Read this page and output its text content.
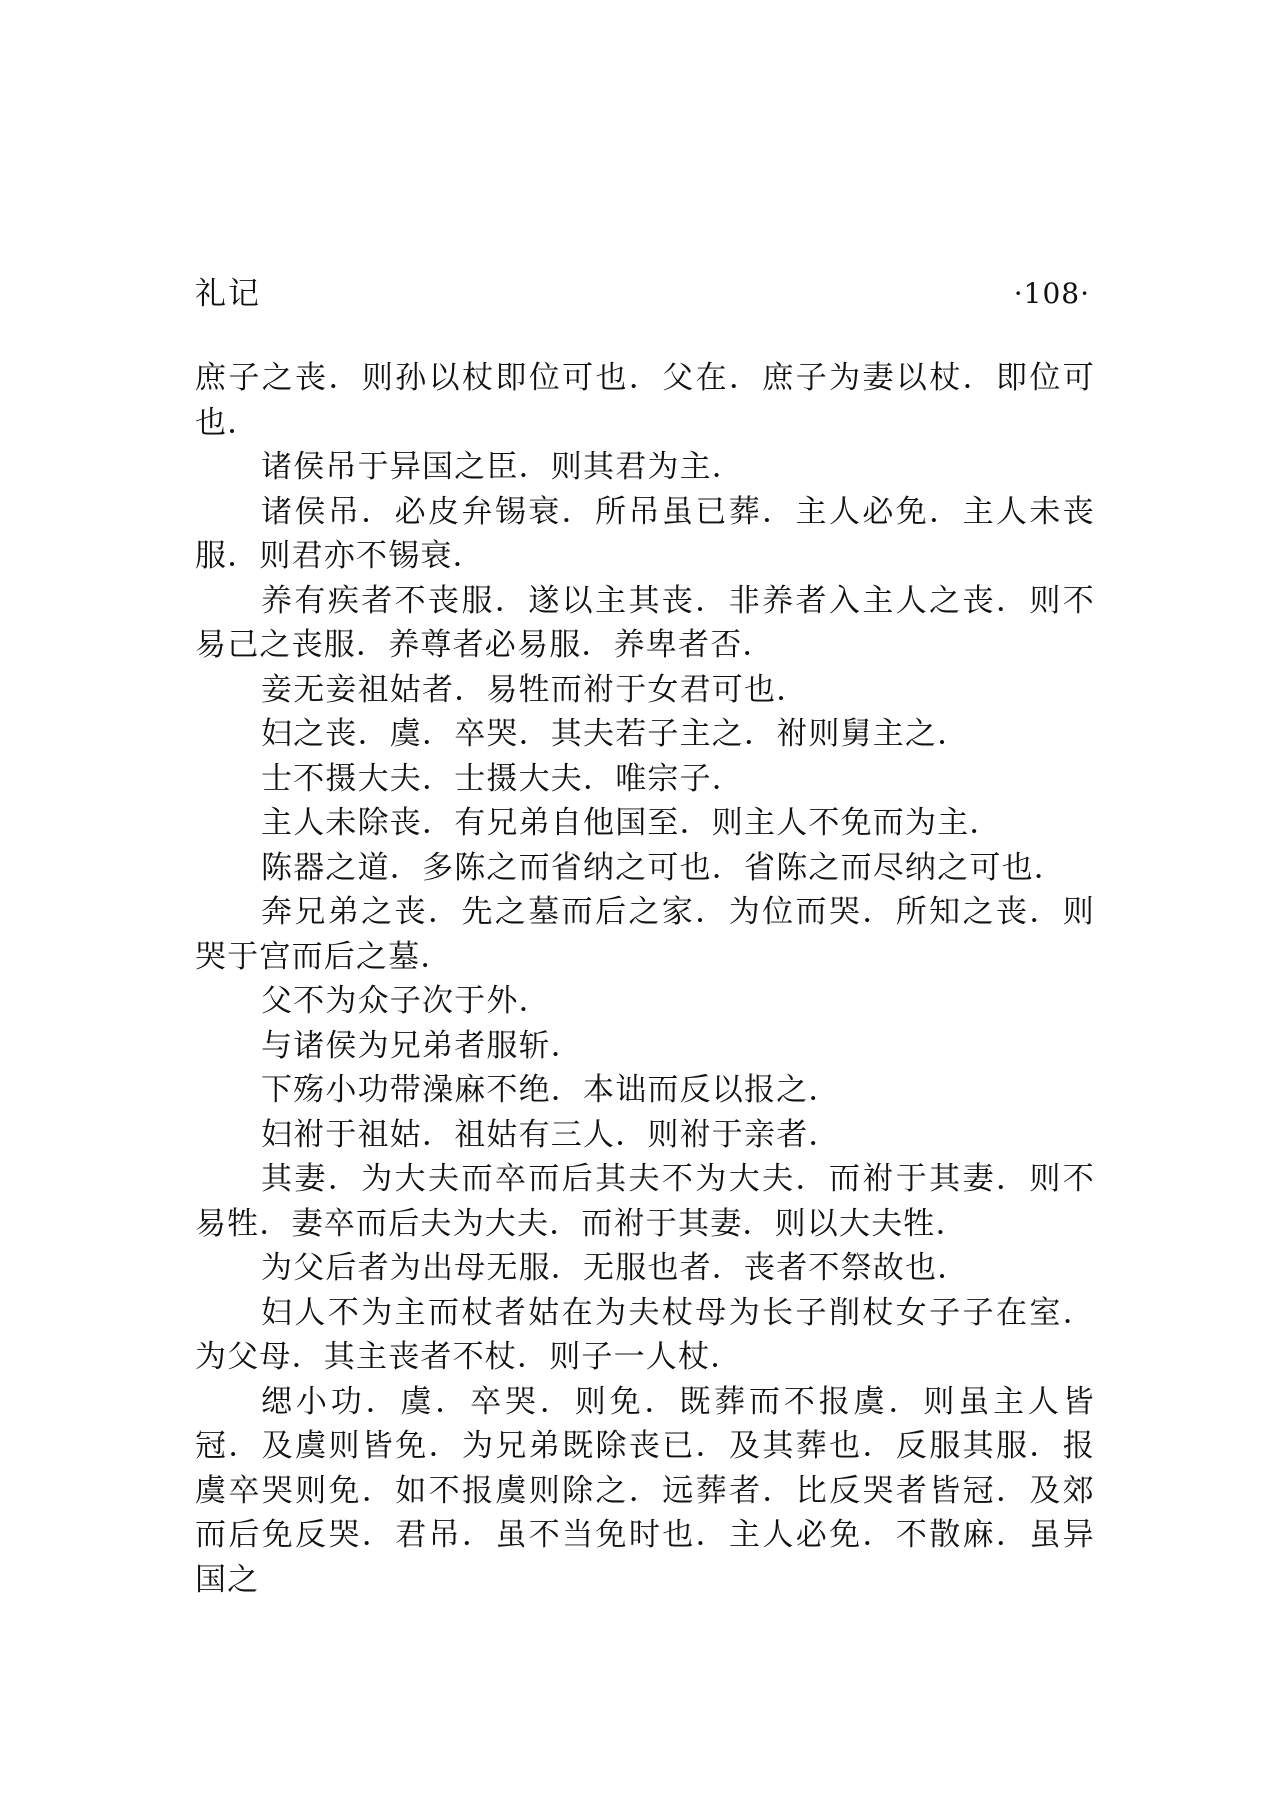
礼记	·108·

庶子之丧．则孙以杖即位可也．父在．庶子为妻以杖．即位可也．

诸侯吊于异国之臣．则其君为主．

诸侯吊．必皮弁锡衰．所吊虽已葬．主人必免．主人未丧服．则君亦不锡衰．

养有疾者不丧服．遂以主其丧．非养者入主人之丧．则不易己之丧服．养尊者必易服．养卑者否．

妾无妾祖姑者．易牲而祔于女君可也．

妇之丧．虞．卒哭．其夫若子主之．祔则舅主之．

士不摄大夫．士摄大夫．唯宗子．

主人未除丧．有兄弟自他国至．则主人不免而为主．

陈器之道．多陈之而省纳之可也．省陈之而尽纳之可也．

奔兄弟之丧．先之墓而后之家．为位而哭．所知之丧．则哭于宫而后之墓．

父不为众子次于外．

与诸侯为兄弟者服斩．

下殇小功带澡麻不绝．本诎而反以报之．

妇祔于祖姑．祖姑有三人．则祔于亲者．

其妻．为大夫而卒而后其夫不为大夫．而祔于其妻．则不易牲．妻卒而后夫为大夫．而祔于其妻．则以大夫牲．

为父后者为出母无服．无服也者．丧者不祭故也．

妇人不为主而杖者姑在为夫杖母为长子削杖女子子在室．为父母．其主丧者不杖．则子一人杖．

缌小功．虞．卒哭．则免．既葬而不报虞．则虽主人皆冠．及虞则皆免．为兄弟既除丧已．及其葬也．反服其服．报虞卒哭则免．如不报虞则除之．远葬者．比反哭者皆冠．及郊而后免反哭．君吊．虽不当免时也．主人必免．不散麻．虽异国之
